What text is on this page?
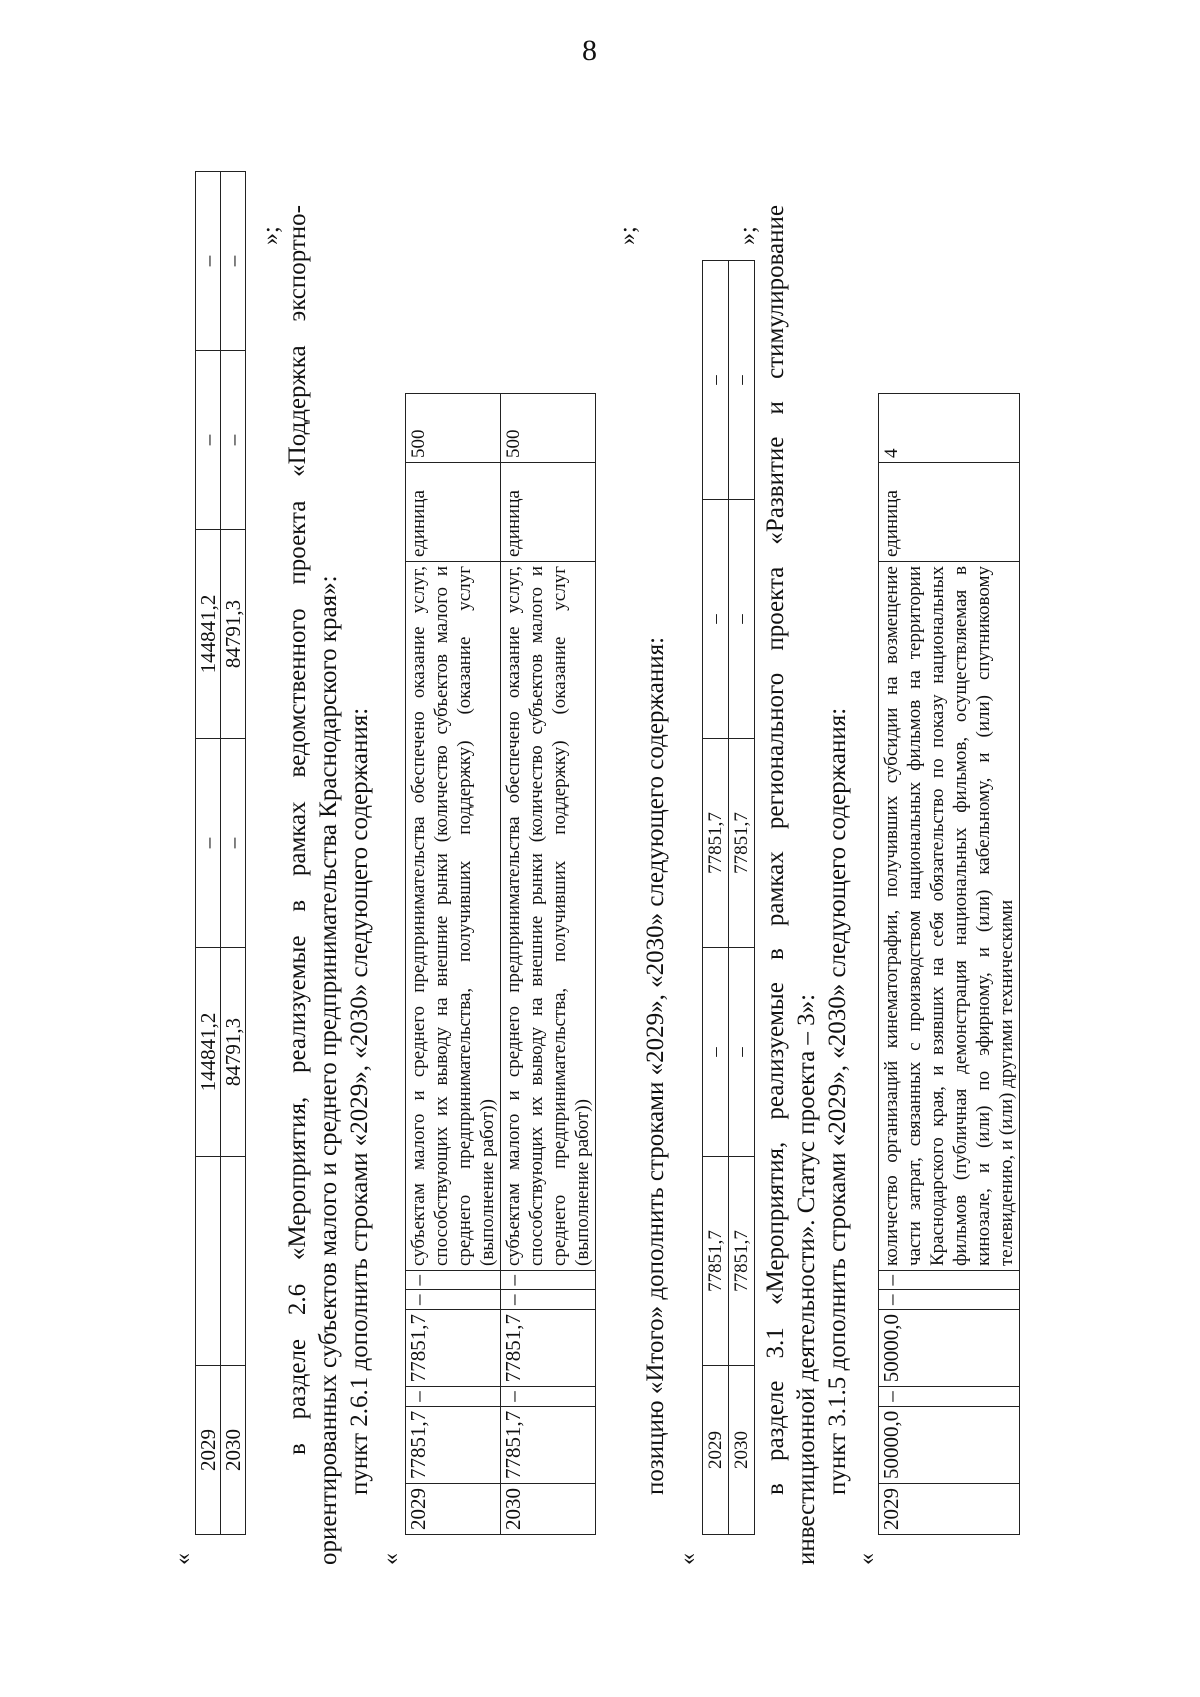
8
«
2029		144841,2	–	144841,2	–	–
2030		84791,3	–	84791,3	–	–
»; в разделе 2.6 «Мероприятия, реализуемые в рамках ведомственного проекта «Поддержка экспортно- ориентированных субъектов малого и среднего предпринимательства Краснодарского края»: пункт 2.6.1 дополнить строками «2029», «2030» следующего содержания:
«
2029	77851,7	–	77851,7	–	–	субъектам малого и среднего предпринимательства обеспечено оказание услуг, способствующих их выводу на внешние рынки (количество субъектов малого и среднего предпринимательства, получивших поддержку) (оказание услуг (выполнение работ))	единица	500
2030	77851,7	–	77851,7	–	–	субъектам малого и среднего предпринимательства обеспечено оказание услуг, способствующих их выводу на внешние рынки (количество субъектов малого и среднего предпринимательства, получивших поддержку) (оказание услуг (выполнение работ))	единица	500
»;
позицию «Итого» дополнить строками «2029», «2030» следующего содержания:
«
2029	77851,7	–	77851,7	–	–
2030	77851,7	–	77851,7	–	–
»; в разделе 3.1 «Мероприятия, реализуемые в рамках регионального проекта «Развитие и стимулирование инвестиционной деятельности». Статус проекта – 3»: пункт 3.1.5 дополнить строками «2029», «2030» следующего содержания:
«
2029	50000,0	–	50000,0	–	–	количество организаций кинематографии, получивших субсидии на возмещение части затрат, связанных с производством национальных фильмов на территории Краснодарского края, и взявших на себя обязательство по показу национальных фильмов (публичная демонстрация национальных фильмов, осуществляемая в кинозале, и (или) по эфирному, и (или) кабельному, и (или) спутниковому телевидению, и (или) другими техническими	единица	4
